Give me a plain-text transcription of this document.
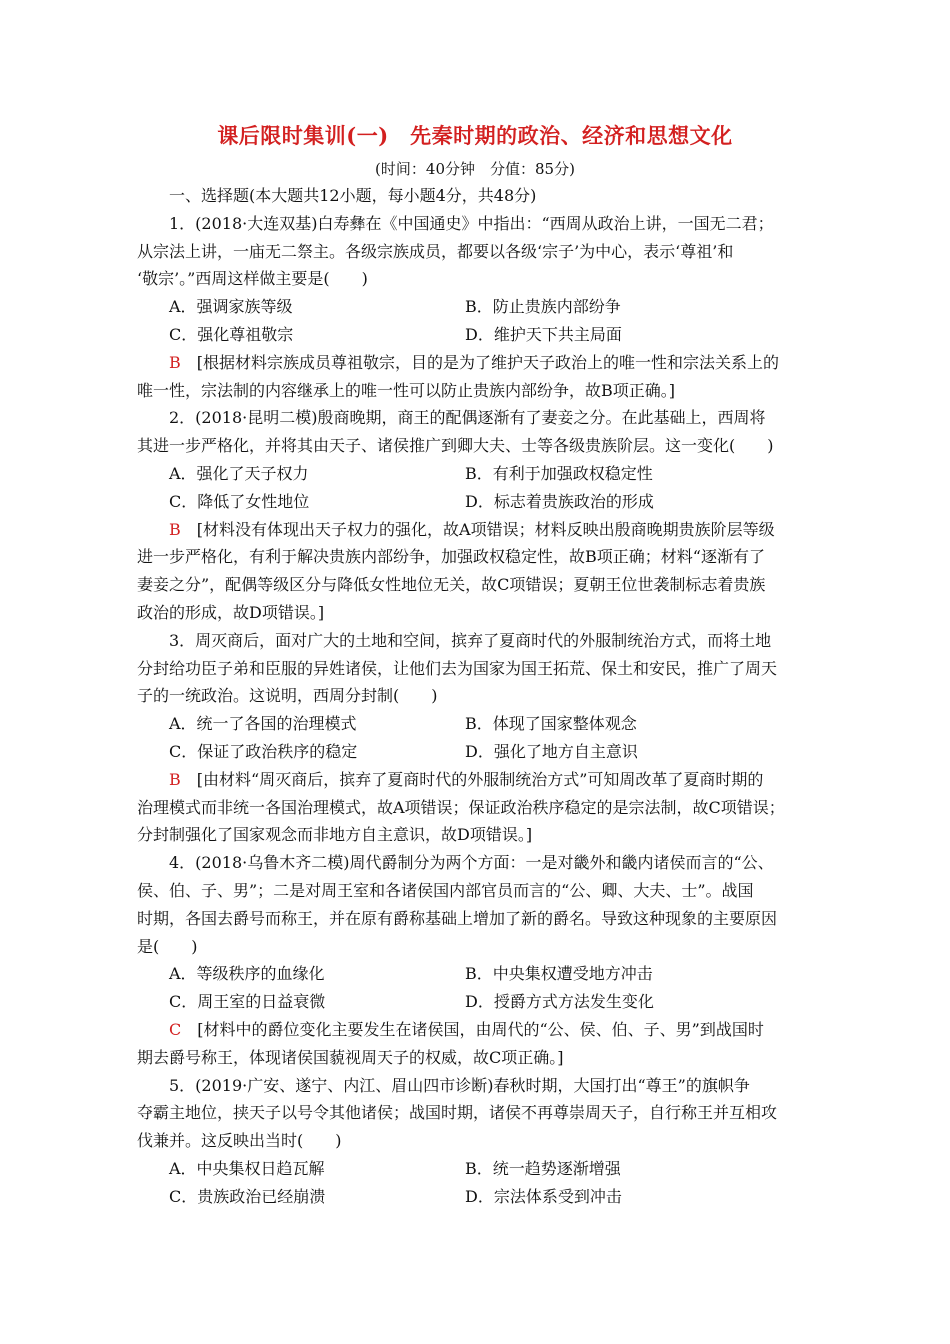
课后限时集训(一)　先秦时期的政治、经济和思想文化
(时间：40分钟　分值：85分)
一、选择题(本大题共12小题，每小题4分，共48分)
1．(2018·大连双基)白寿彝在《中国通史》中指出：“西周从政治上讲，一国无二君；
从宗法上讲，一庙无二祭主。各级宗族成员，都要以各级‘宗子’为中心，表示‘尊祖’和
‘敬宗’。”西周这样做主要是(　　)
A．强调家族等级	B．防止贵族内部纷争
C．强化尊祖敬宗	D．维护天下共主局面
B　[根据材料宗族成员尊祖敬宗，目的是为了维护天子政治上的唯一性和宗法关系上的
唯一性，宗法制的内容继承上的唯一性可以防止贵族内部纷争，故B项正确。]
2．(2018·昆明二模)殷商晚期，商王的配偶逐渐有了妻妾之分。在此基础上，西周将
其进一步严格化，并将其由天子、诸侯推广到卿大夫、士等各级贵族阶层。这一变化(　　)
A．强化了天子权力	B．有利于加强政权稳定性
C．降低了女性地位	D．标志着贵族政治的形成
B　[材料没有体现出天子权力的强化，故A项错误；材料反映出殷商晚期贵族阶层等级
进一步严格化，有利于解决贵族内部纷争，加强政权稳定性，故B项正确；材料“逐渐有了
妻妾之分”，配偶等级区分与降低女性地位无关，故C项错误；夏朝王位世袭制标志着贵族
政治的形成，故D项错误。]
3．周灭商后，面对广大的土地和空间，摈弃了夏商时代的外服制统治方式，而将土地
分封给功臣子弟和臣服的异姓诸侯，让他们去为国家为国王拓荒、保土和安民，推广了周天
子的一统政治。这说明，西周分封制(　　)
A．统一了各国的治理模式	B．体现了国家整体观念
C．保证了政治秩序的稳定	D．强化了地方自主意识
B　[由材料“周灭商后，摈弃了夏商时代的外服制统治方式”可知周改革了夏商时期的
治理模式而非统一各国治理模式，故A项错误；保证政治秩序稳定的是宗法制，故C项错误；
分封制强化了国家观念而非地方自主意识，故D项错误。]
4．(2018·乌鲁木齐二模)周代爵制分为两个方面：一是对畿外和畿内诸侯而言的“公、
侯、伯、子、男”；二是对周王室和各诸侯国内部官员而言的“公、卿、大夫、士”。战国
时期，各国去爵号而称王，并在原有爵称基础上增加了新的爵名。导致这种现象的主要原因
是(　　)
A．等级秩序的血缘化	B．中央集权遭受地方冲击
C．周王室的日益衰微	D．授爵方式方法发生变化
C　[材料中的爵位变化主要发生在诸侯国，由周代的“公、侯、伯、子、男”到战国时
期去爵号称王，体现诸侯国藐视周天子的权威，故C项正确。]
5．(2019·广安、遂宁、内江、眉山四市诊断)春秋时期，大国打出“尊王”的旗帜争
夺霸主地位，挟天子以号令其他诸侯；战国时期，诸侯不再尊崇周天子，自行称王并互相攻
伐兼并。这反映出当时(　　)
A．中央集权日趋瓦解	B．统一趋势逐渐增强
C．贵族政治已经崩溃	D．宗法体系受到冲击
